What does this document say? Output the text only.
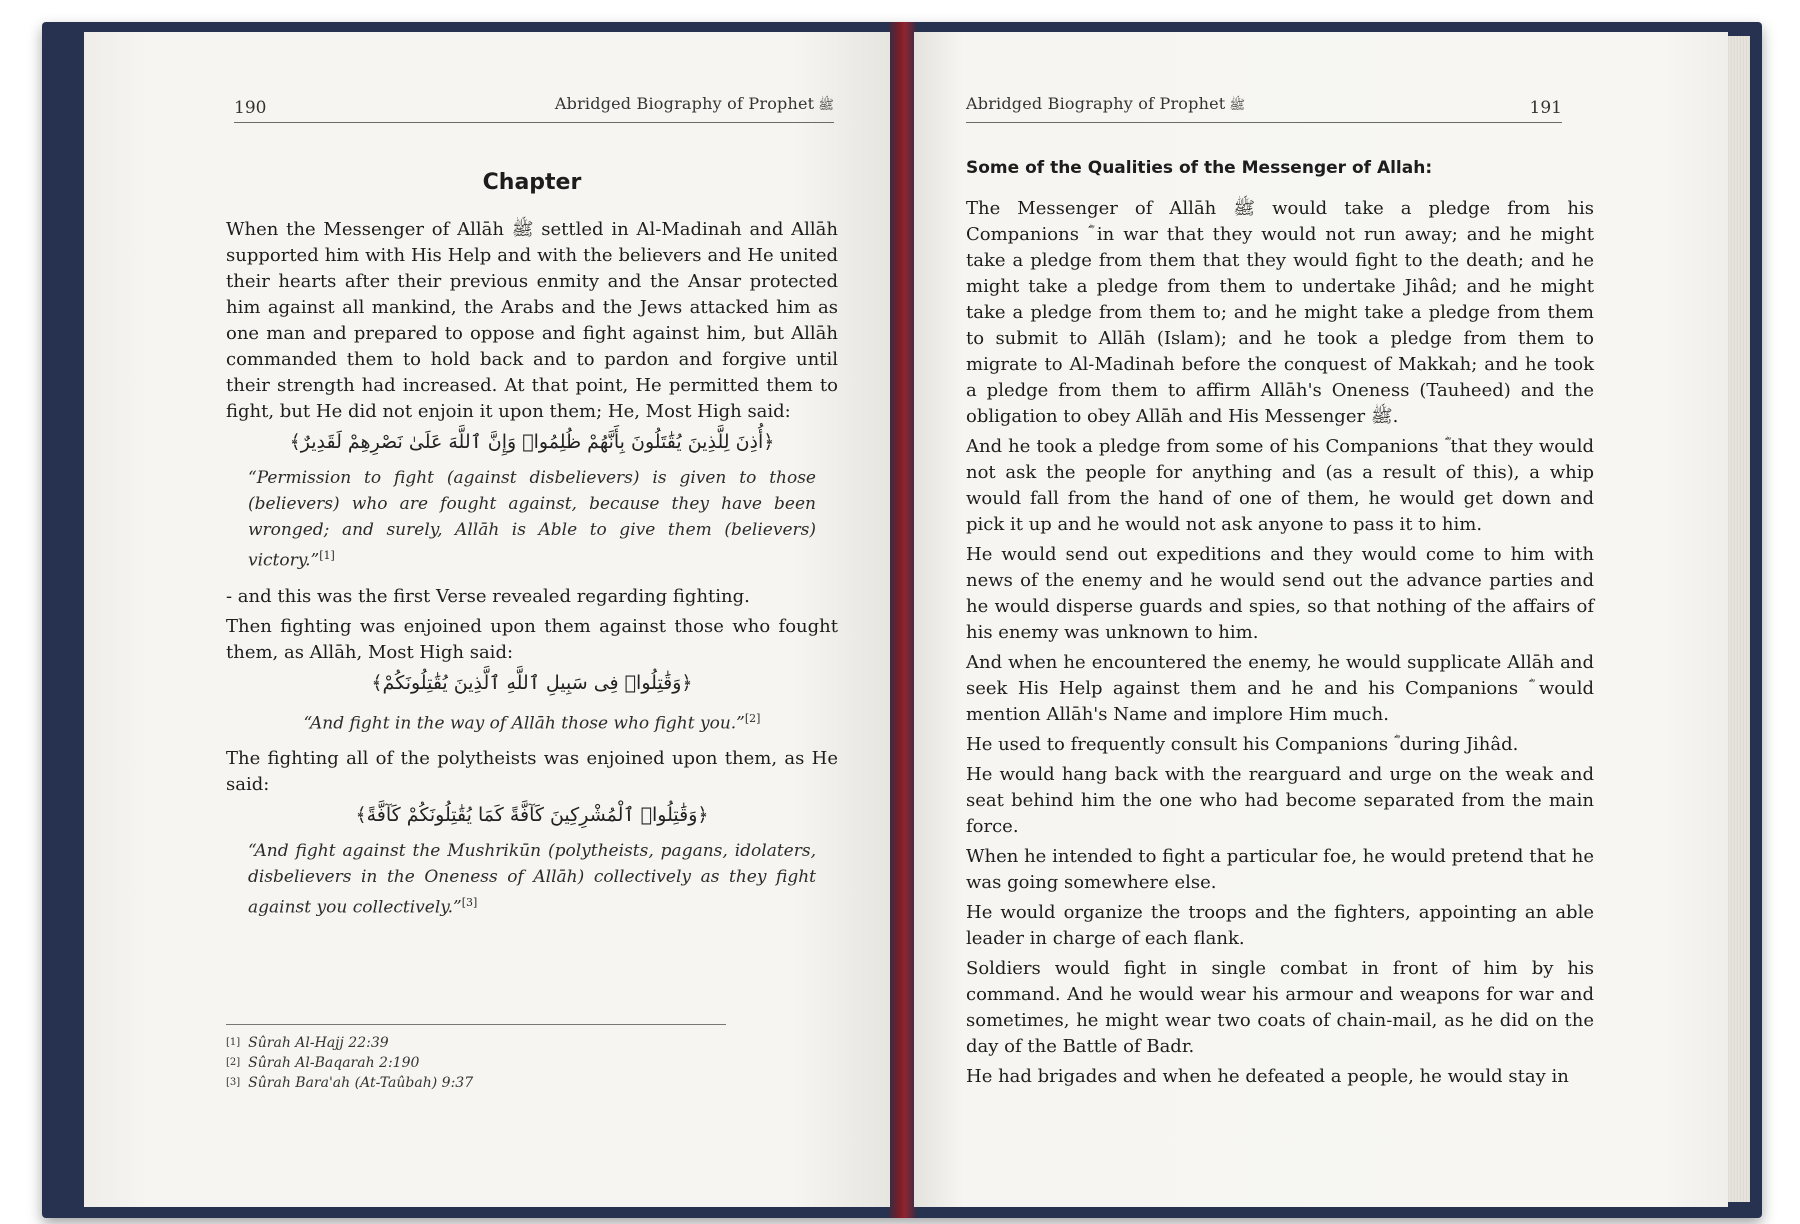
190	Abridged Biography of Prophet ﷺ
Chapter

When the Messenger of Allāh ﷺ settled in Al-Madinah and Allāh supported him with His Help and with the believers and He united their hearts after their previous enmity and the Ansar protected him against all mankind, the Arabs and the Jews attacked him as one man and prepared to oppose and fight against him, but Allāh commanded them to hold back and to pardon and forgive until their strength had increased. At that point, He permitted them to fight, but He did not enjoin it upon them; He, Most High said:

﴿أُذِنَ لِلَّذِينَ يُقَٰتَلُونَ بِأَنَّهُمْ ظُلِمُوا۟ وَإِنَّ ٱللَّهَ عَلَىٰ نَصْرِهِمْ لَقَدِيرٌ﴾
“Permission to fight (against disbelievers) is given to those (believers) who are fought against, because they have been wronged; and surely, Allāh is Able to give them (believers) victory.”[1]

- and this was the first Verse revealed regarding fighting.

Then fighting was enjoined upon them against those who fought them, as Allāh, Most High said:

﴿وَقَٰتِلُوا۟ فِى سَبِيلِ ٱللَّهِ ٱلَّذِينَ يُقَٰتِلُونَكُمْ﴾
“And fight in the way of Allāh those who fight you.”[2]

The fighting all of the polytheists was enjoined upon them, as He said:

﴿وَقَٰتِلُوا۟ ٱلْمُشْرِكِينَ كَآفَّةً كَمَا يُقَٰتِلُونَكُمْ كَآفَّةً﴾
“And fight against the Mushrikūn (polytheists, pagans, idolaters, disbelievers in the Oneness of Allāh) collectively as they fight against you collectively.”[3]
[1] Sûrah Al-Hajj 22:39
[2] Sûrah Al-Baqarah 2:190
[3] Sûrah Bara'ah (At-Taûbah) 9:37
Abridged Biography of Prophet ﷺ	191
Some of the Qualities of the Messenger of Allah:

The Messenger of Allāh ﷺ would take a pledge from his Companions ؓ in war that they would not run away; and he might take a pledge from them that they would fight to the death; and he might take a pledge from them to undertake Jihâd; and he might take a pledge from them to; and he might take a pledge from them to submit to Allāh (Islam); and he took a pledge from them to migrate to Al-Madinah before the conquest of Makkah; and he took a pledge from them to affirm Allāh's Oneness (Tauheed) and the obligation to obey Allāh and His Messenger ﷺ.

And he took a pledge from some of his Companions ؓ that they would not ask the people for anything and (as a result of this), a whip would fall from the hand of one of them, he would get down and pick it up and he would not ask anyone to pass it to him.

He would send out expeditions and they would come to him with news of the enemy and he would send out the advance parties and he would disperse guards and spies, so that nothing of the affairs of his enemy was unknown to him.

And when he encountered the enemy, he would supplicate Allāh and seek His Help against them and he and his Companions ؓ would mention Allāh's Name and implore Him much.

He used to frequently consult his Companions ؓ during Jihâd.

He would hang back with the rearguard and urge on the weak and seat behind him the one who had become separated from the main force.

When he intended to fight a particular foe, he would pretend that he was going somewhere else.

He would organize the troops and the fighters, appointing an able leader in charge of each flank.

Soldiers would fight in single combat in front of him by his command. And he would wear his armour and weapons for war and sometimes, he might wear two coats of chain-mail, as he did on the day of the Battle of Badr.

He had brigades and when he defeated a people, he would stay in
